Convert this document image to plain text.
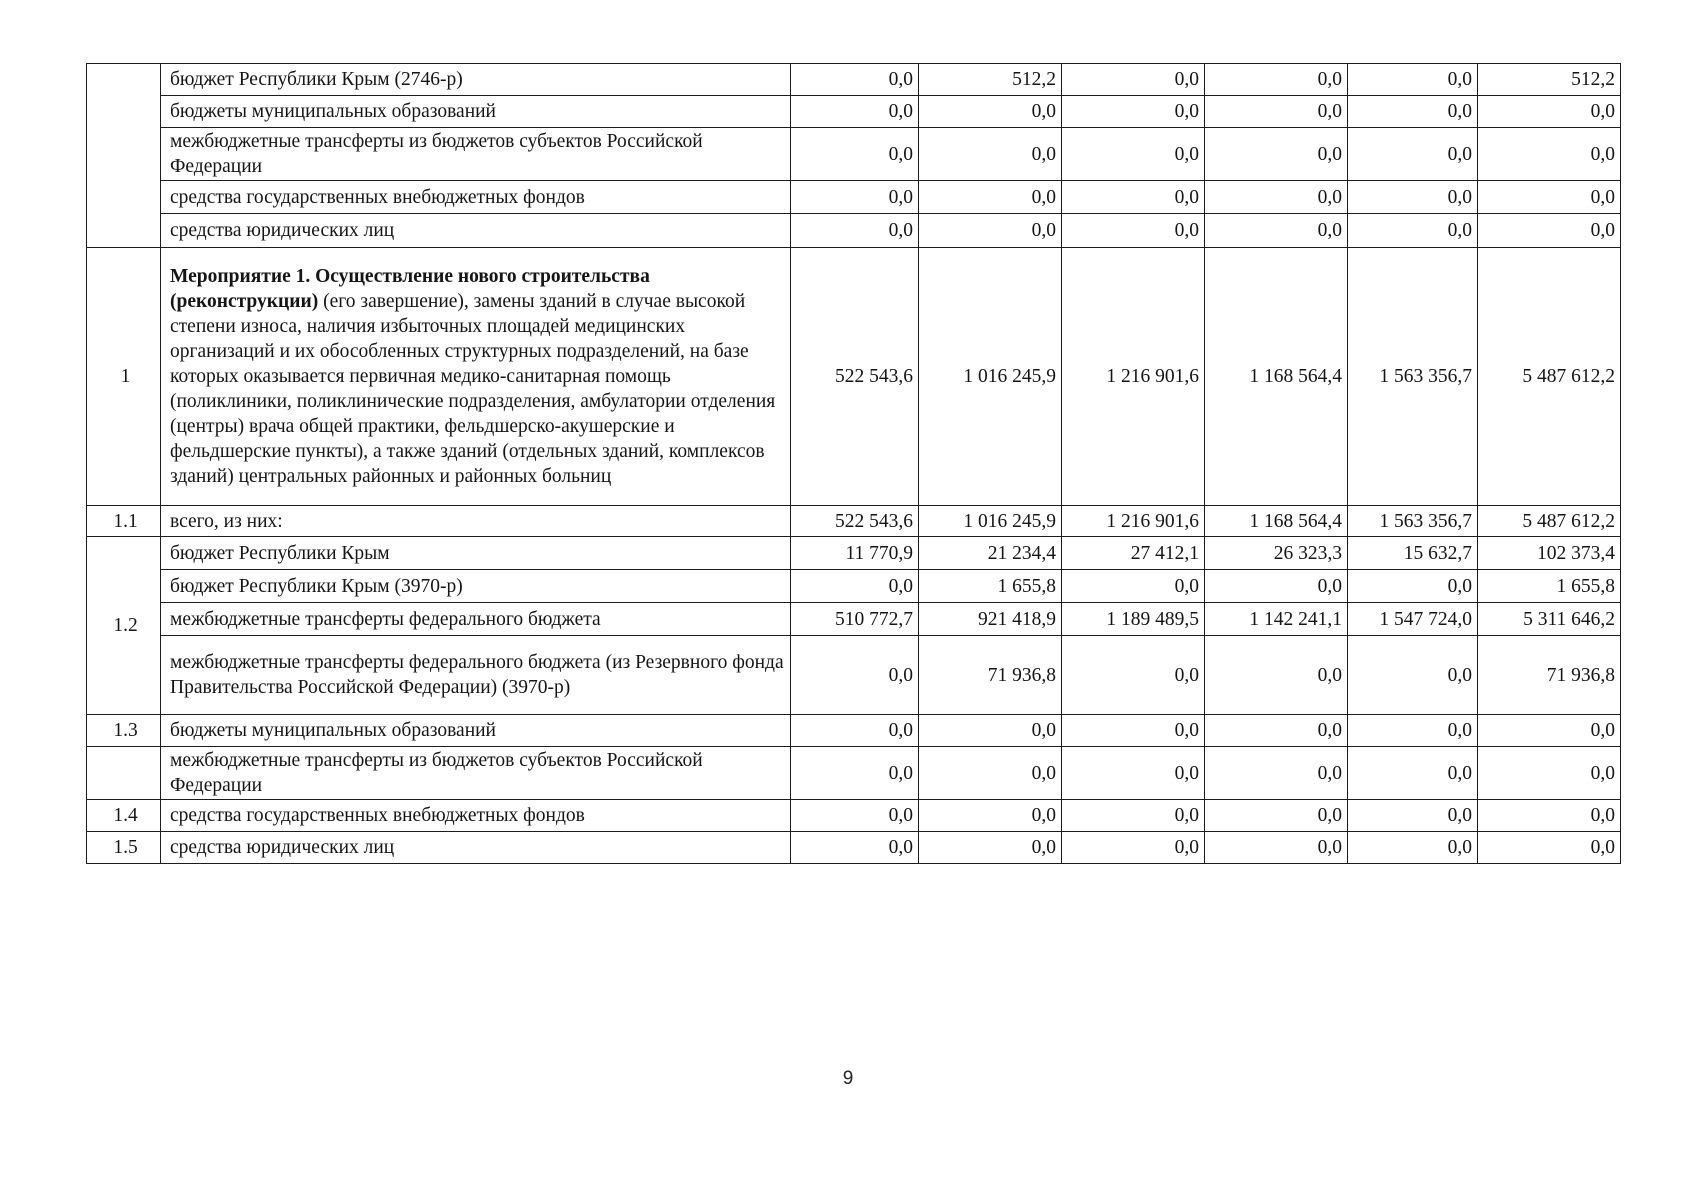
	бюджет Республики Крым (2746-р)	0,0	512,2	0,0	0,0	0,0	512,2
	бюджеты муниципальных образований	0,0	0,0	0,0	0,0	0,0	0,0
	межбюджетные трансферты из бюджетов субъектов Российской Федерации	0,0	0,0	0,0	0,0	0,0	0,0
	средства государственных внебюджетных фондов	0,0	0,0	0,0	0,0	0,0	0,0
	средства юридических лиц	0,0	0,0	0,0	0,0	0,0	0,0
1	Мероприятие 1. Осуществление нового строительства (реконструкции) (его завершение), замены зданий в случае высокой степени износа, наличия избыточных площадей медицинских организаций и их обособленных структурных подразделений, на базе которых оказывается первичная медико-санитарная помощь (поликлиники, поликлинические подразделения, амбулатории отделения (центры) врача общей практики, фельдшерско-акушерские и фельдшерские пункты), а также зданий (отдельных зданий, комплексов зданий) центральных районных и районных больниц	522 543,6	1 016 245,9	1 216 901,6	1 168 564,4	1 563 356,7	5 487 612,2
1.1	всего, из них:	522 543,6	1 016 245,9	1 216 901,6	1 168 564,4	1 563 356,7	5 487 612,2
1.2	бюджет Республики Крым	11 770,9	21 234,4	27 412,1	26 323,3	15 632,7	102 373,4
	бюджет Республики Крым (3970-р)	0,0	1 655,8	0,0	0,0	0,0	1 655,8
	межбюджетные трансферты федерального бюджета	510 772,7	921 418,9	1 189 489,5	1 142 241,1	1 547 724,0	5 311 646,2
	межбюджетные трансферты федерального бюджета (из Резервного фонда Правительства Российской Федерации) (3970-р)	0,0	71 936,8	0,0	0,0	0,0	71 936,8
1.3	бюджеты муниципальных образований	0,0	0,0	0,0	0,0	0,0	0,0
	межбюджетные трансферты из бюджетов субъектов Российской Федерации	0,0	0,0	0,0	0,0	0,0	0,0
1.4	средства государственных внебюджетных фондов	0,0	0,0	0,0	0,0	0,0	0,0
1.5	средства юридических лиц	0,0	0,0	0,0	0,0	0,0	0,0
9
